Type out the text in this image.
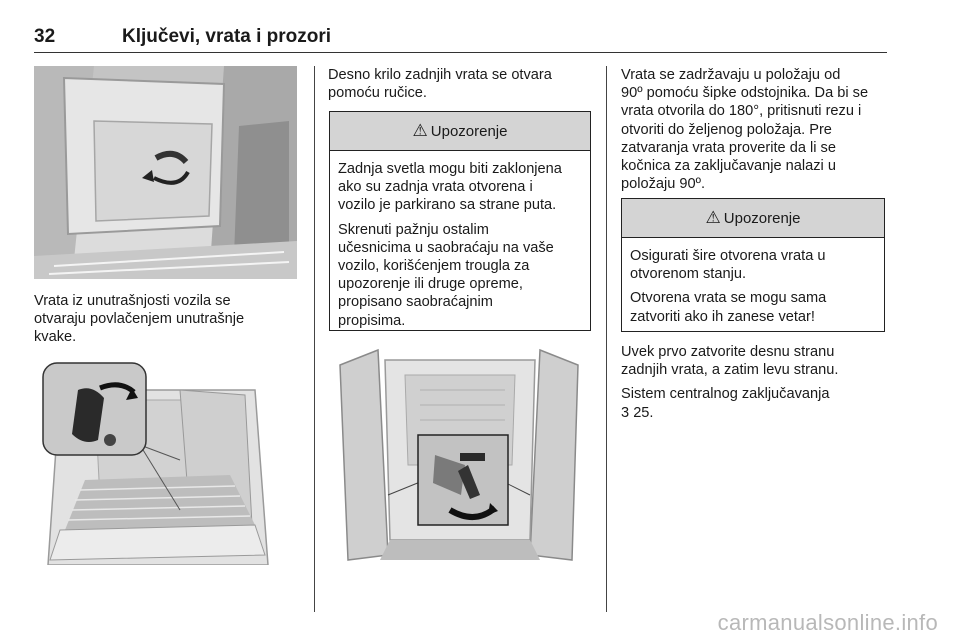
32	Ključevi, vrata i prozori
Vrata iz unutrašnjosti vozila se
otvaraju povlačenjem unutrašnje
kvake.
Desno krilo zadnjih vrata se otvara
pomoću ručice.
⚠ Upozorenje

Zadnja svetla mogu biti zaklonjena
ako su zadnja vrata otvorena i
vozilo je parkirano sa strane puta.

Skrenuti pažnju ostalim
učesnicima u saobraćaju na vaše
vozilo, korišćenjem trougla za
upozorenje ili druge opreme,
propisano saobraćajnim
propisima.

Vrata se zadržavaju u položaju od
90º pomoću šipke odstojnika. Da bi se
vrata otvorila do 180°, pritisnuti rezu i
otvoriti do željenog položaja. Pre
zatvaranja vrata proverite da li se
kočnica za zaključavanje nalazi u
položaju 90º.
⚠ Upozorenje

Osigurati šire otvorena vrata u
otvorenom stanju.

Otvorena vrata se mogu sama
zatvoriti ako ih zanese vetar!

Uvek prvo zatvorite desnu stranu
zadnjih vrata, a zatim levu stranu.

Sistem centralnog zaključavanja
3 25.

carmanualsonline.info
